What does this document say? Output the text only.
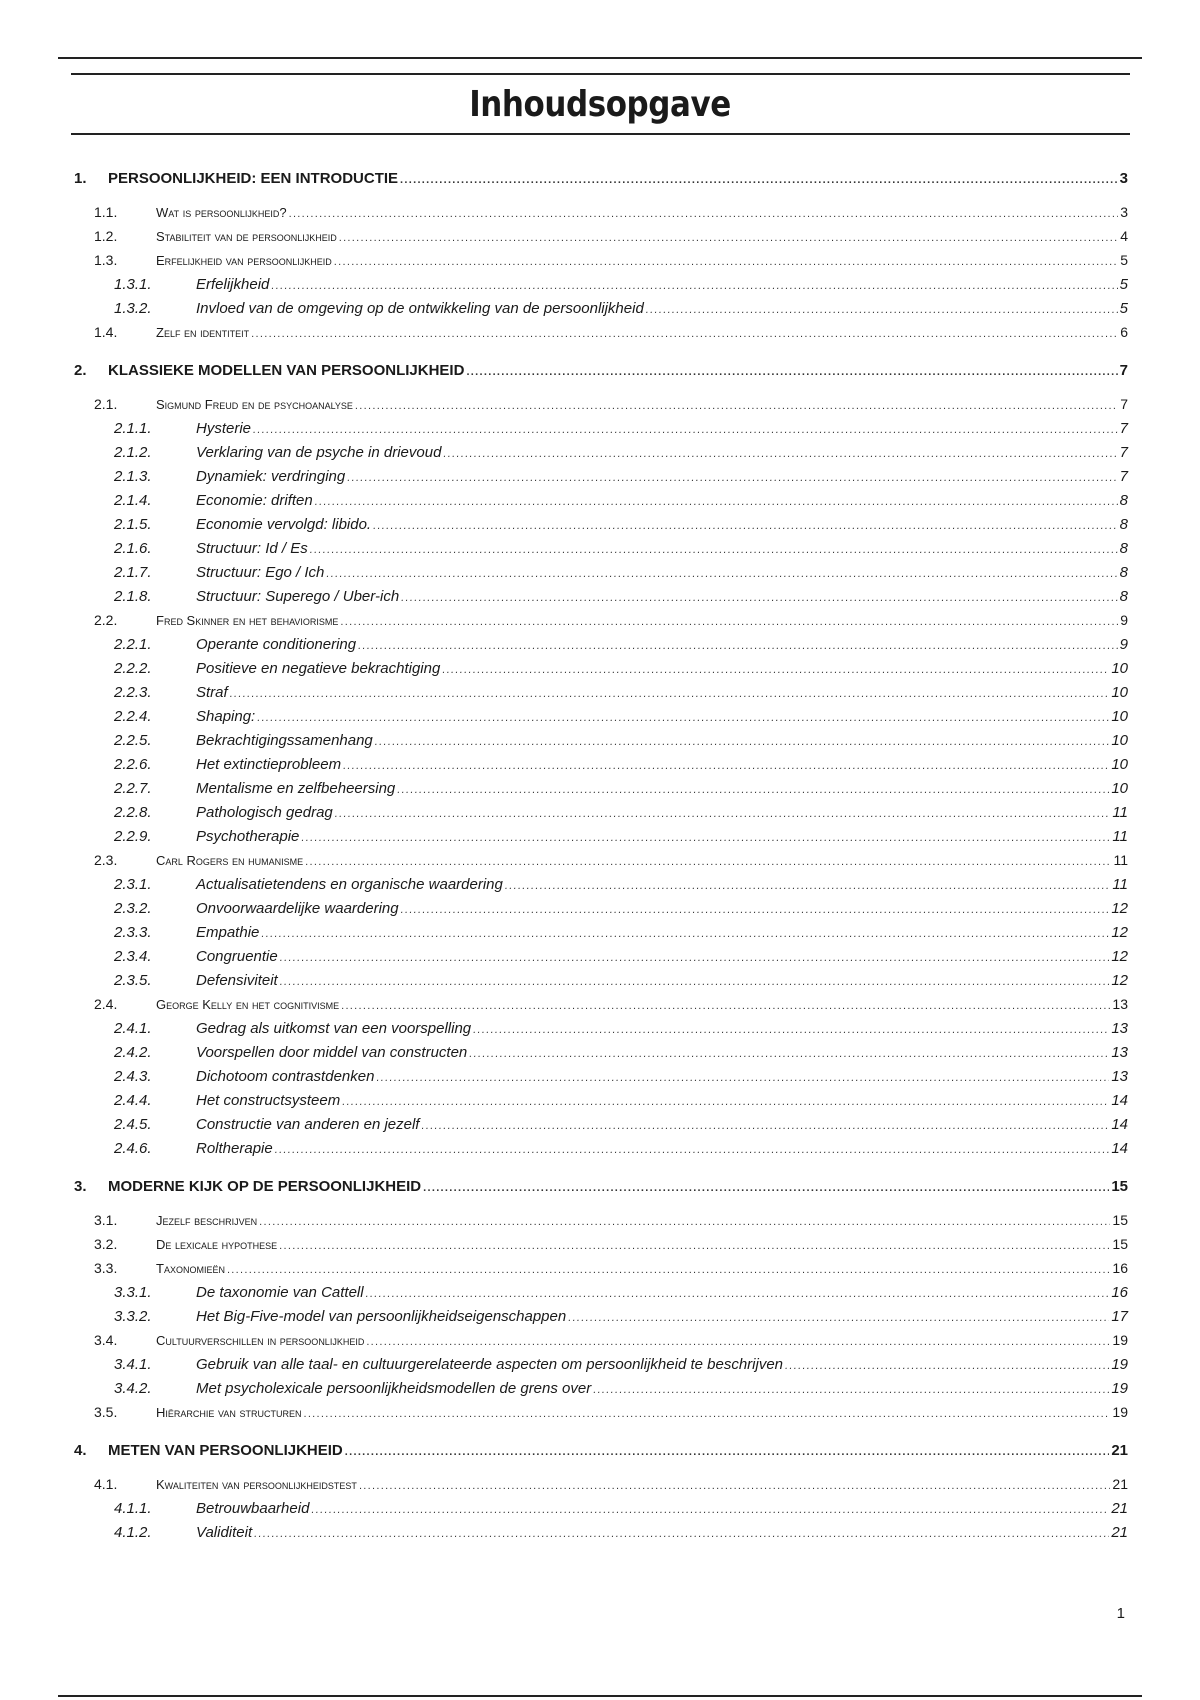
Inhoudsopgave
1.	PERSOONLIJKHEID: EEN INTRODUCTIE .....	3
1.1.	Wat is persoonlijkheid? .....	3
1.2.	Stabiliteit van de persoonlijkheid .....	4
1.3.	Erfelijkheid van persoonlijkheid .....	5
1.3.1.	Erfelijkheid .....	5
1.3.2.	Invloed van de omgeving op de ontwikkeling van de persoonlijkheid .....	5
1.4.	Zelf en identiteit .....	6
2.	KLASSIEKE MODELLEN VAN PERSOONLIJKHEID .....	7
2.1.	Sigmund Freud en de psychoanalyse .....	7
2.1.1.	Hysterie .....	7
2.1.2.	Verklaring van de psyche in drievoud .....	7
2.1.3.	Dynamiek: verdringing .....	7
2.1.4.	Economie: driften .....	8
2.1.5.	Economie vervolgd: libido. .....	8
2.1.6.	Structuur: Id / Es .....	8
2.1.7.	Structuur: Ego / Ich .....	8
2.1.8.	Structuur: Superego / Uber-ich .....	8
2.2.	Fred Skinner en het behaviorisme .....	9
2.2.1.	Operante conditionering .....	9
2.2.2.	Positieve en negatieve bekrachtiging .....	10
2.2.3.	Straf .....	10
2.2.4.	Shaping: .....	10
2.2.5.	Bekrachtigingssamenhang .....	10
2.2.6.	Het extinctieprobleem .....	10
2.2.7.	Mentalisme en zelfbeheersing .....	10
2.2.8.	Pathologisch gedrag .....	11
2.2.9.	Psychotherapie .....	11
2.3.	Carl Rogers en humanisme .....	11
2.3.1.	Actualisatietendens en organische waardering .....	11
2.3.2.	Onvoorwaardelijke waardering .....	12
2.3.3.	Empathie .....	12
2.3.4.	Congruentie .....	12
2.3.5.	Defensiviteit .....	12
2.4.	George Kelly en het cognitivisme .....	13
2.4.1.	Gedrag als uitkomst van een voorspelling .....	13
2.4.2.	Voorspellen door middel van constructen .....	13
2.4.3.	Dichotoom contrastdenken .....	13
2.4.4.	Het constructsysteem .....	14
2.4.5.	Constructie van anderen en jezelf .....	14
2.4.6.	Roltherapie .....	14
3.	MODERNE KIJK OP DE PERSOONLIJKHEID .....	15
3.1.	Jezelf beschrijven .....	15
3.2.	De lexicale hypothese .....	15
3.3.	Taxonomieën .....	16
3.3.1.	De taxonomie van Cattell .....	16
3.3.2.	Het Big-Five-model van persoonlijkheidseigenschappen .....	17
3.4.	Cultuurverschillen in persoonlijkheid .....	19
3.4.1.	Gebruik van alle taal- en cultuurgerelateerde aspecten om persoonlijkheid te beschrijven .....	19
3.4.2.	Met psycholexicale persoonlijkheidsmodellen de grens over .....	19
3.5.	Hiërarchie van structuren .....	19
4.	METEN VAN PERSOONLIJKHEID .....	21
4.1.	Kwaliteiten van persoonlijkheidstest .....	21
4.1.1.	Betrouwbaarheid .....	21
4.1.2.	Validiteit .....	21
1
